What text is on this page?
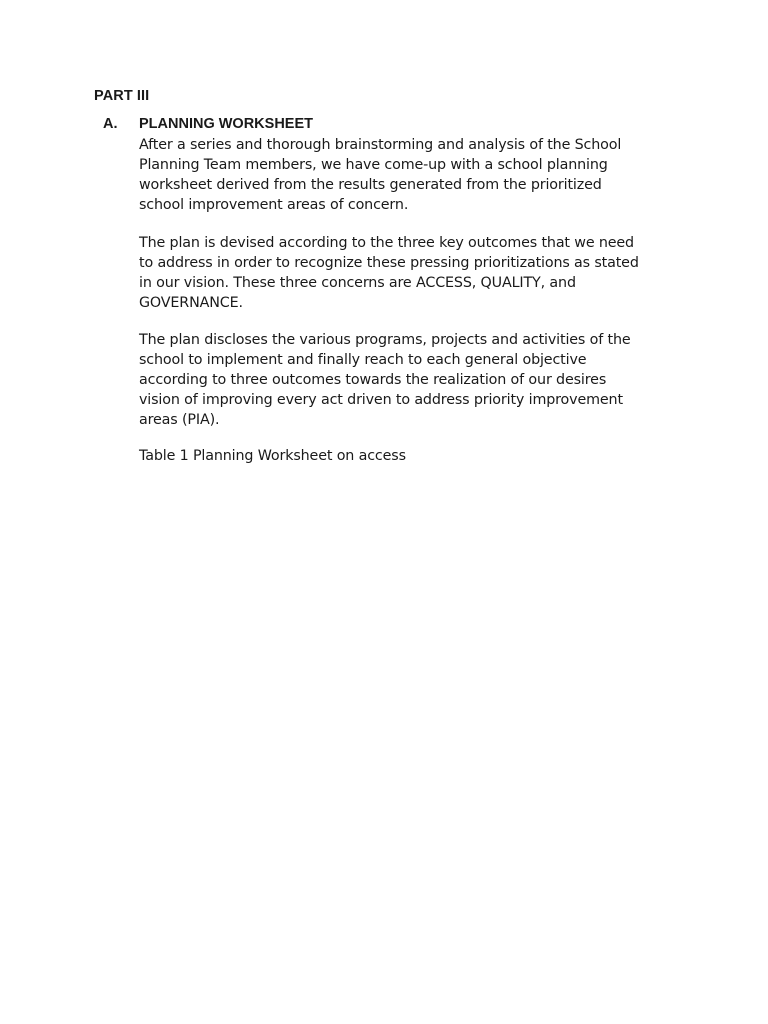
PART III
A. PLANNING WORKSHEET

After a series and thorough brainstorming and analysis of the School

Planning Team members, we have come-up with a school planning

worksheet derived from the results generated from the prioritized

school improvement areas of concern.

The plan is devised according to the three key outcomes that we need

to address in order to recognize these pressing prioritizations as stated

in our vision. These three concerns are ACCESS, QUALITY, and

GOVERNANCE.

The plan discloses the various programs, projects and activities of the

school to implement and finally reach to each general objective

according to three outcomes towards the realization of our desires

vision of improving every act driven to address priority improvement

areas (PIA).

Table 1 Planning Worksheet on access
